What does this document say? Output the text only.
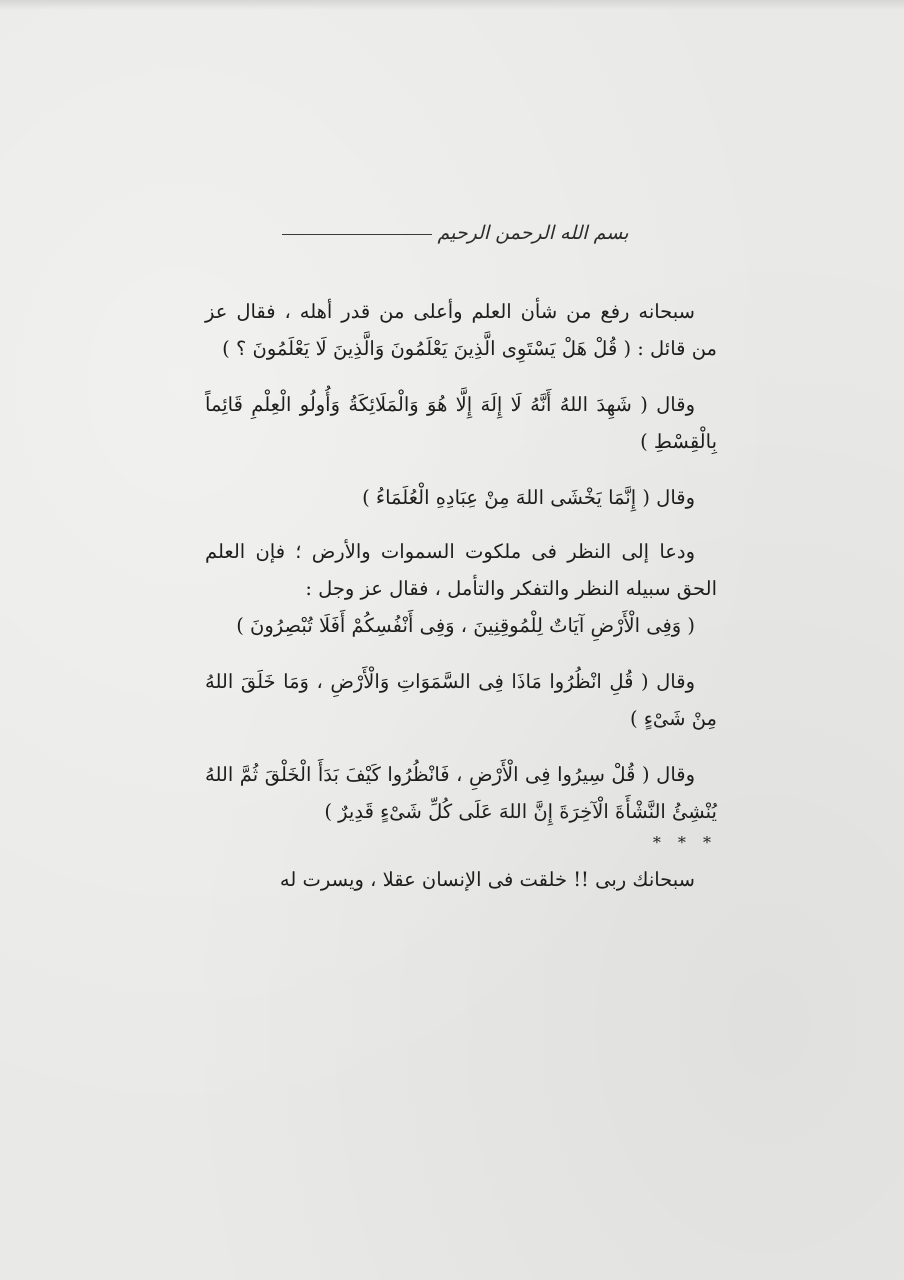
بسم الله الرحمن الرحيم

سبحانه رفع من شأن العلم وأعلى من قدر أهله ، فقال عز من قائل : ( قُلْ هَلْ يَسْتَوِى الَّذِينَ يَعْلَمُونَ وَالَّذِينَ لَا يَعْلَمُونَ ؟ )

وقال ( شَهِدَ اللهُ أَنَّهُ لَا إِلَهَ إِلَّا هُوَ وَالْمَلَائِكَةُ وَأُولُو الْعِلْمِ قَائِماً بِالْقِسْطِ )

وقال ( إِنَّمَا يَخْشَى اللهَ مِنْ عِبَادِهِ الْعُلَمَاءُ )

ودعا إلى النظر فى ملكوت السموات والأرض ؛ فإن العلم الحق سبيله النظر والتفكر والتأمل ، فقال عز وجل :

( وَفِى الْأَرْضِ آيَاتٌ لِلْمُوقِنِينَ ، وَفِى أَنْفُسِكُمْ أَفَلَا تُبْصِرُونَ )

وقال ( قُلِ انْظُرُوا مَاذَا فِى السَّمَوَاتِ وَالْأَرْضِ ، وَمَا خَلَقَ اللهُ مِنْ شَىْءٍ )

وقال ( قُلْ سِيرُوا فِى الْأَرْضِ ، فَانْظُرُوا كَيْفَ بَدَأَ الْخَلْقَ ثُمَّ اللهُ يُنْشِئُ النَّشْأَةَ الْآخِرَةَ إِنَّ اللهَ عَلَى كُلِّ شَىْءٍ قَدِيرٌ )

* * *

سبحانك ربى !! خلقت فى الإنسان عقلا ، ويسرت له
